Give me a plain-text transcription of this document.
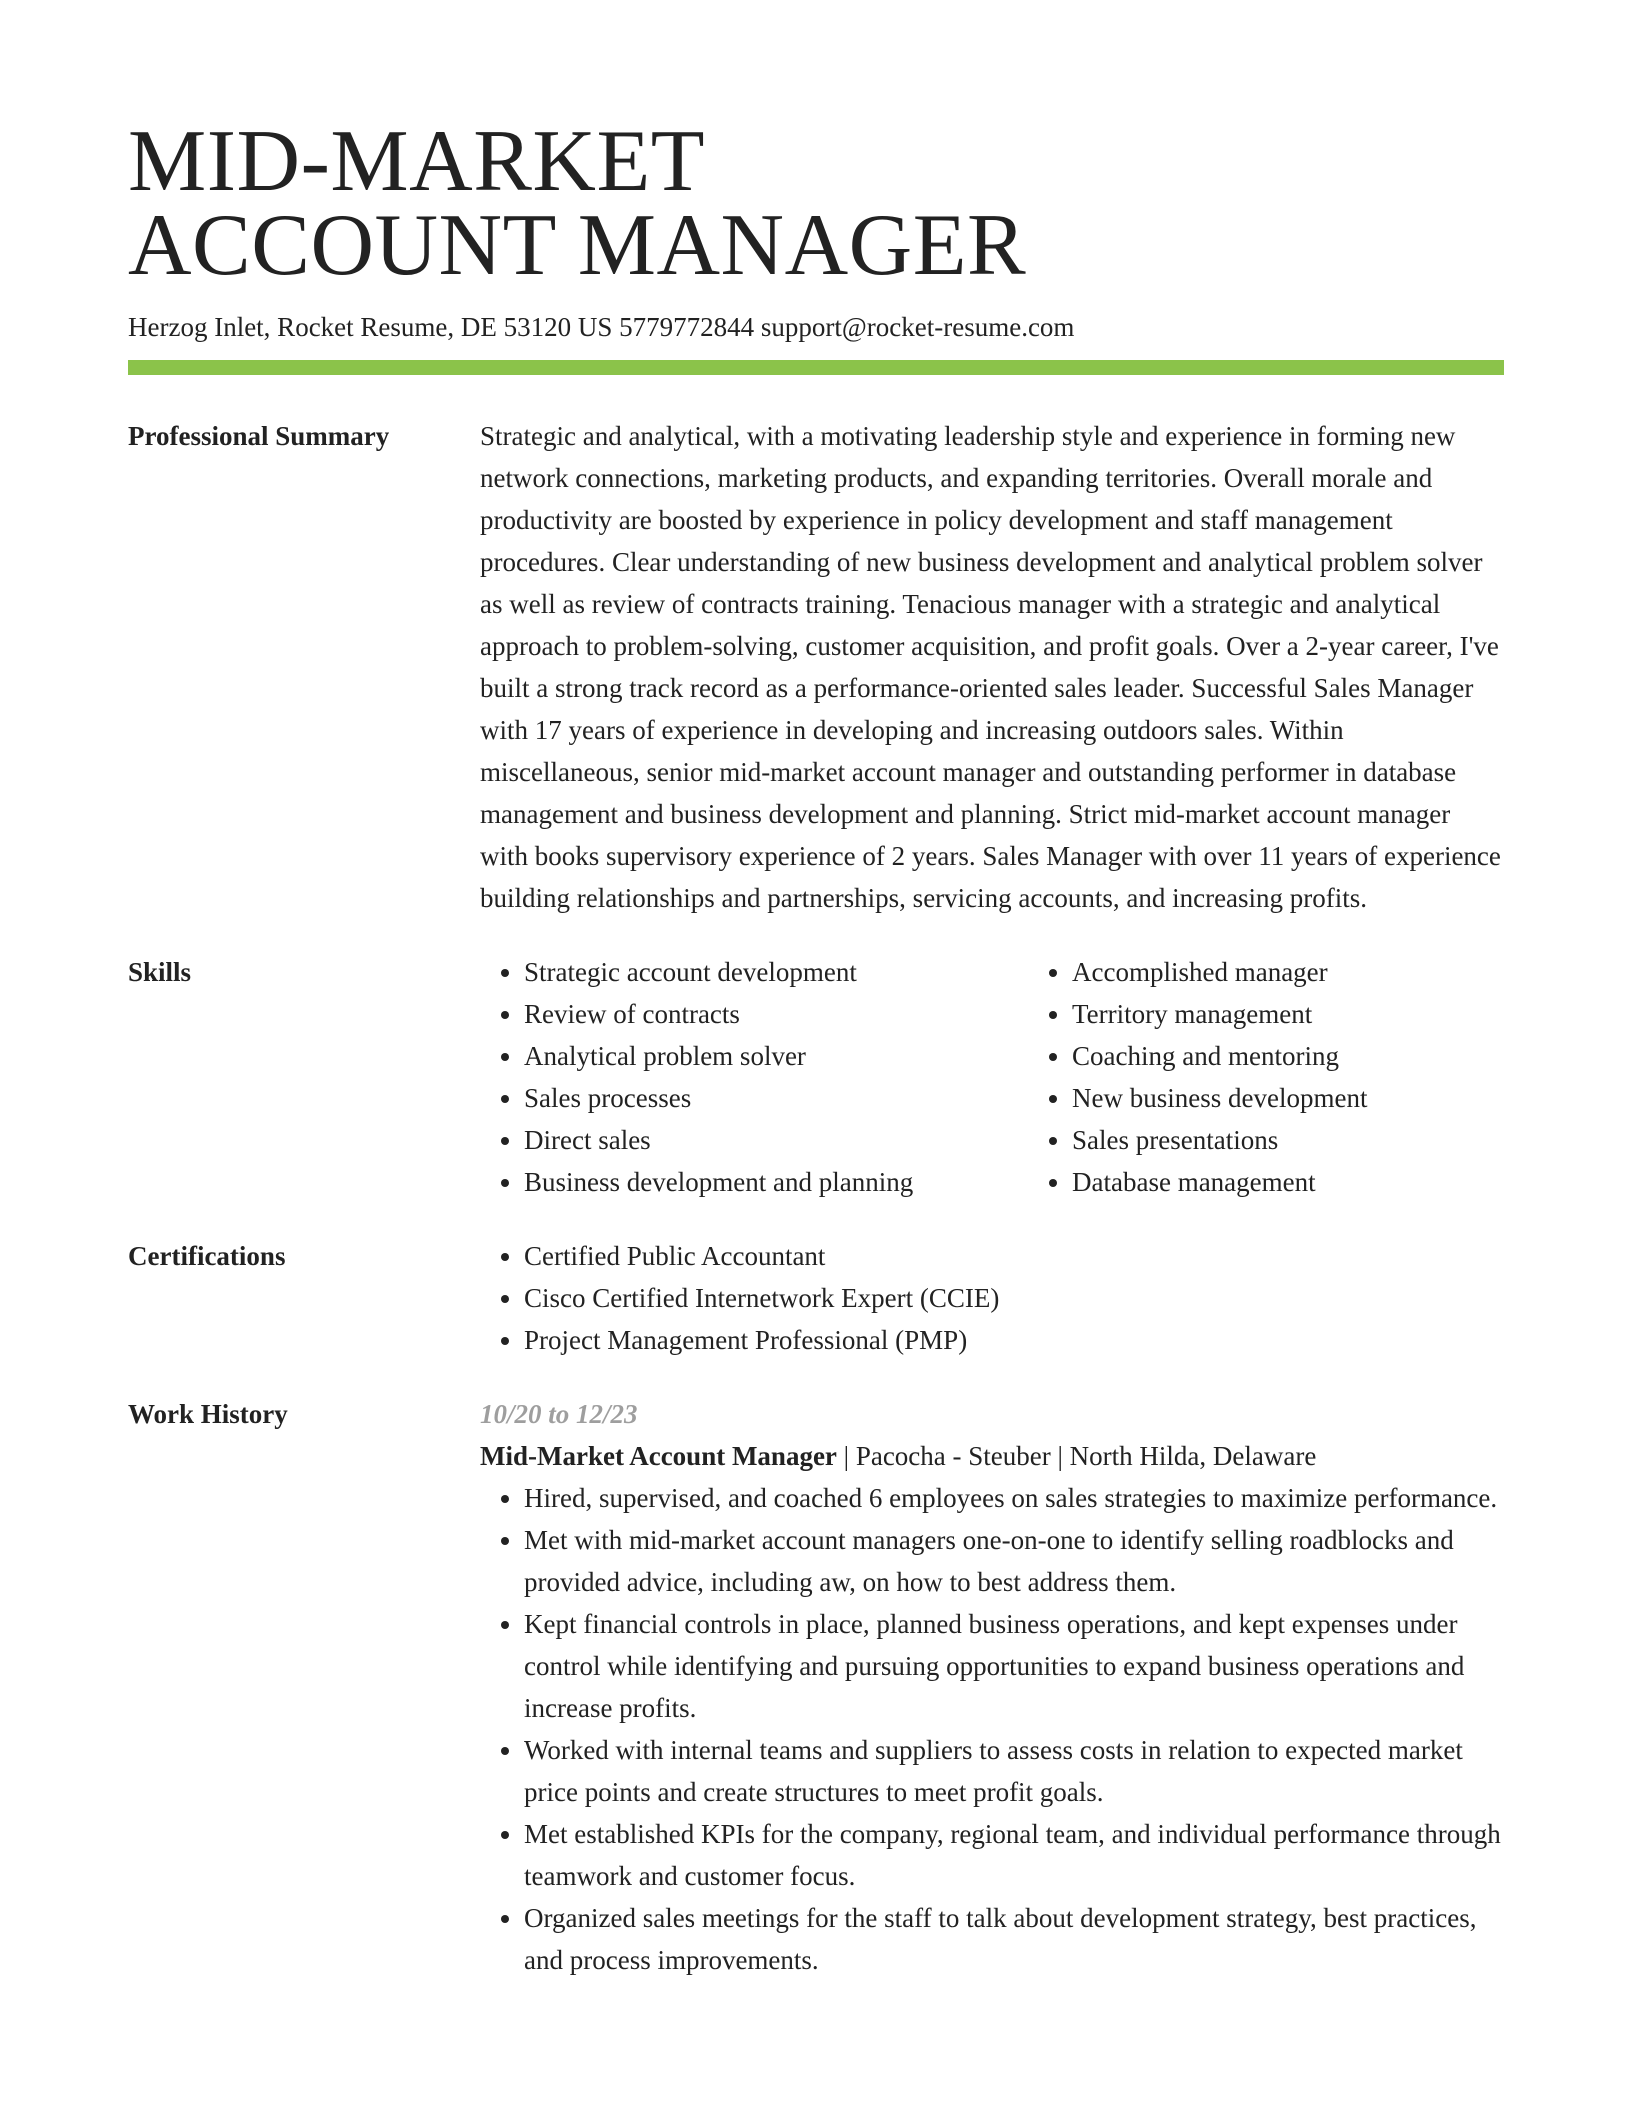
MID-MARKET
ACCOUNT MANAGER
Herzog Inlet, Rocket Resume, DE 53120 US 5779772844 support@rocket-resume.com
Professional Summary	Strategic and analytical, with a motivating leadership style and experience in forming new network connections, marketing products, and expanding territories. Overall morale and productivity are boosted by experience in policy development and staff management procedures. Clear understanding of new business development and analytical problem solver as well as review of contracts training. Tenacious manager with a strategic and analytical approach to problem-solving, customer acquisition, and profit goals. Over a 2-year career, I've built a strong track record as a performance-oriented sales leader. Successful Sales Manager with 17 years of experience in developing and increasing outdoors sales. Within miscellaneous, senior mid-market account manager and outstanding performer in database management and business development and planning. Strict mid-market account manager with books supervisory experience of 2 years. Sales Manager with over 11 years of experience building relationships and partnerships, servicing accounts, and increasing profits.

Skills	• Strategic account development
• Review of contracts
• Analytical problem solver
• Sales processes
• Direct sales
• Business development and planning
• Accomplished manager
• Territory management
• Coaching and mentoring
• New business development
• Sales presentations
• Database management
Certifications	• Certified Public Accountant
• Cisco Certified Internetwork Expert (CCIE)
• Project Management Professional (PMP)
Work History	10/20 to 12/23
Mid-Market Account Manager | Pacocha - Steuber | North Hilda, Delaware
• Hired, supervised, and coached 6 employees on sales strategies to maximize performance.
• Met with mid-market account managers one-on-one to identify selling roadblocks and provided advice, including aw, on how to best address them.
• Kept financial controls in place, planned business operations, and kept expenses under control while identifying and pursuing opportunities to expand business operations and increase profits.
• Worked with internal teams and suppliers to assess costs in relation to expected market price points and create structures to meet profit goals.
• Met established KPIs for the company, regional team, and individual performance through teamwork and customer focus.
• Organized sales meetings for the staff to talk about development strategy, best practices, and process improvements.
